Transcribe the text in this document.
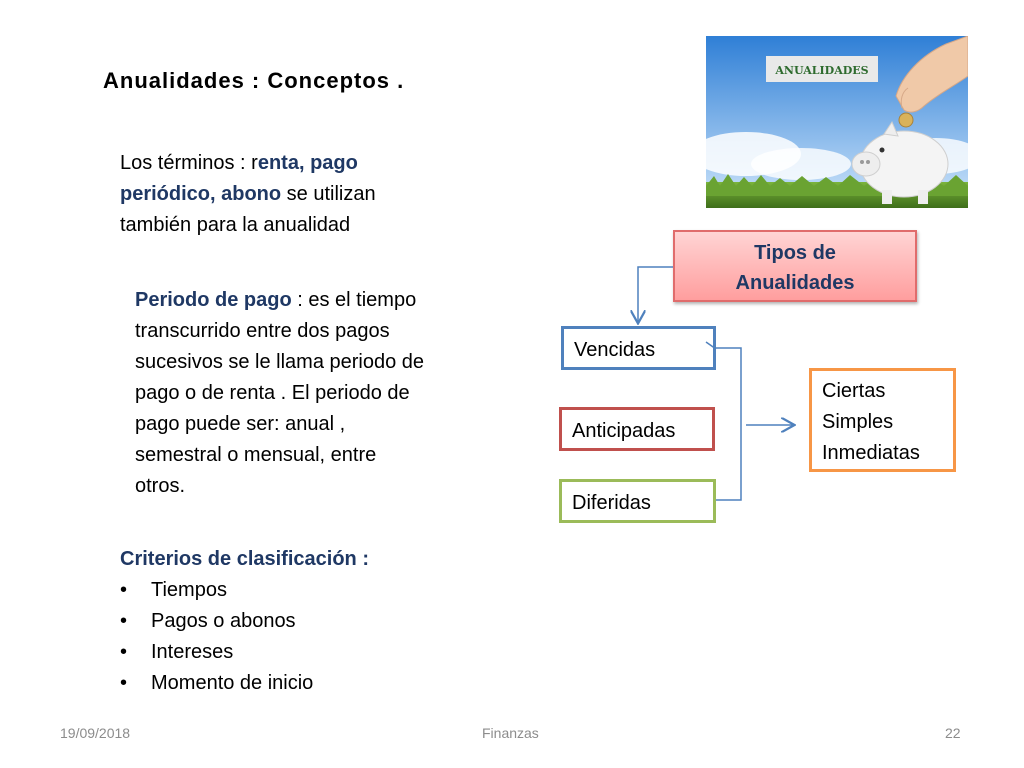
Anualidades : Conceptos .
Los términos : renta, pago periódico, abono se utilizan también para la anualidad
Periodo de pago : es el tiempo transcurrido entre dos pagos sucesivos se le llama periodo de pago o de renta . El periodo de pago puede ser: anual , semestral o mensual, entre otros.
Criterios de clasificación :
• Tiempos
• Pagos o abonos
• Intereses
• Momento de inicio
ANUALIDADES
Tipos de
Anualidades
Vencidas
Anticipadas
Diferidas
Ciertas
Simples
Inmediatas
19/09/2018	Finanzas	22
